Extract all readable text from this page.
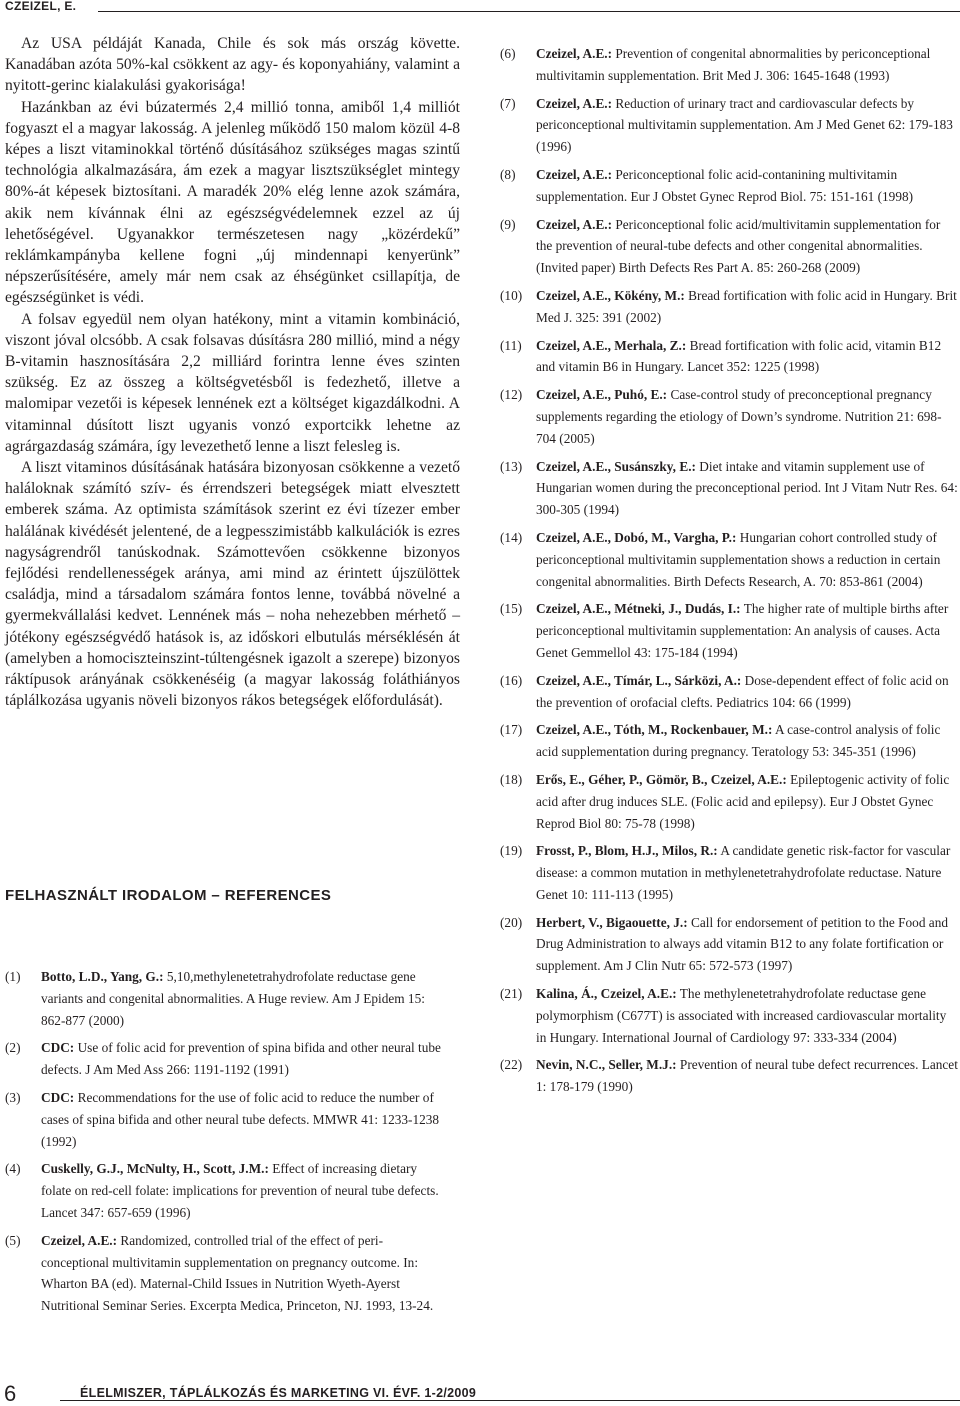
CZEIZEL, E.

Az USA példáját Kanada, Chile és sok más ország követte. Kanadában azóta 50%-kal csökkent az agy- és koponyahiány, valamint a nyitott-gerinc kialakulási gyakorisága!

Hazánkban az évi búzatermés 2,4 millió tonna, amiből 1,4 milliót fogyaszt el a magyar lakosság. A jelenleg működő 150 malom közül 4-8 képes a liszt vitaminokkal történő dúsításához szükséges magas szintű technológia alkalmazására, ám ezek a magyar lisztszükséglet mintegy 80%-át képesek biztosítani. A maradék 20% elég lenne azok számára, akik nem kívánnak élni az egészségvédelemnek ezzel az új lehetőségével. Ugyanakkor természetesen nagy „közérdekű” reklámkampányba kellene fogni „új mindennapi kenyerünk” népszerűsítésére, amely már nem csak az éhségünket csillapítja, de egészségünket is védi.

A folsav egyedül nem olyan hatékony, mint a vitamin kombináció, viszont jóval olcsóbb. A csak folsavas dúsításra 280 millió, mind a négy B-vitamin hasznosítására 2,2 milliárd forintra lenne éves szinten szükség. Ez az összeg a költségvetésből is fedezhető, illetve a malomipar vezetői is képesek lennének ezt a költséget kigazdálkodni. A vitaminnal dúsított liszt ugyanis vonzó exportcikk lehetne az agrárgazdaság számára, így levezethető lenne a liszt felesleg is.

A liszt vitaminos dúsításának hatására bizonyosan csökkenne a vezető haláloknak számító szív- és érrendszeri betegségek miatt elvesztett emberek száma. Az optimista számítások szerint ez évi tízezer ember halálának kivédését jelentené, de a legpesszimistább kalkulációk is ezres nagyságrendről tanúskodnak. Számottevően csökkenne bizonyos fejlődési rendellenességek aránya, ami mind az érintett újszülöttek családja, mind a társadalom számára fontos lenne, továbbá növelné a gyermekvállalási kedvet. Lennének más – noha nehezebben mérhető – jótékony egészségvédő hatások is, az időskori elbutulás mérséklésén át (amelyben a homociszteinszint-túltengésnek igazolt a szerepe) bizonyos ráktípusok arányának csökkenéséig (a magyar lakosság foláthiányos táplálkozása ugyanis növeli bizonyos rákos betegségek előfordulását).

FELHASZNÁLT IRODALOM – REFERENCES
(1) Botto, L.D., Yang, G.: 5,10,methylenetetrahydrofolate reductase gene variants and congenital abnormalities. A Huge review. Am J Epidem 15: 862-877 (2000)
(2) CDC: Use of folic acid for prevention of spina bifida and other neural tube defects. J Am Med Ass 266: 1191-1192 (1991)
(3) CDC: Recommendations for the use of folic acid to reduce the number of cases of spina bifida and other neural tube defects. MMWR 41: 1233-1238 (1992)
(4) Cuskelly, G.J., McNulty, H., Scott, J.M.: Effect of increasing dietary folate on red-cell folate: implications for prevention of neural tube defects. Lancet 347: 657-659 (1996)
(5) Czeizel, A.E.: Randomized, controlled trial of the effect of periconceptional multivitamin supplementation on pregnancy outcome. In: Wharton BA (ed). Maternal-Child Issues in Nutrition Wyeth-Ayerst Nutritional Seminar Series. Excerpta Medica, Princeton, NJ. 1993, 13-24.
(6) Czeizel, A.E.: Prevention of congenital abnormalities by periconceptional multivitamin supplementation. Brit Med J. 306: 1645-1648 (1993)
(7) Czeizel, A.E.: Reduction of urinary tract and cardiovascular defects by periconceptional multivitamin supplementation. Am J Med Genet 62: 179-183 (1996)
(8) Czeizel, A.E.: Periconceptional folic acid-contanining multivitamin supplementation. Eur J Obstet Gynec Reprod Biol. 75: 151-161 (1998)
(9) Czeizel, A.E.: Periconceptional folic acid/multivitamin supplementation for the prevention of neural-tube defects and other congenital abnormalities. (Invited paper) Birth Defects Res Part A. 85: 260-268 (2009)
(10) Czeizel, A.E., Kökény, M.: Bread fortification with folic acid in Hungary. Brit Med J. 325: 391 (2002)
(11) Czeizel, A.E., Merhala, Z.: Bread fortification with folic acid, vitamin B12 and vitamin B6 in Hungary. Lancet 352: 1225 (1998)
(12) Czeizel, A.E., Puhó, E.: Case-control study of preconceptional pregnancy supplements regarding the etiology of Down’s syndrome. Nutrition 21: 698-704 (2005)
(13) Czeizel, A.E., Susánszky, E.: Diet intake and vitamin supplement use of Hungarian women during the preconceptional period. Int J Vitam Nutr Res. 64: 300-305 (1994)
(14) Czeizel, A.E., Dobó, M., Vargha, P.: Hungarian cohort controlled study of periconceptional multivitamin supplementation shows a reduction in certain congenital abnormalities. Birth Defects Research, A. 70: 853-861 (2004)
(15) Czeizel, A.E., Métneki, J., Dudás, I.: The higher rate of multiple births after periconceptional multivitamin supplementation: An analysis of causes. Acta Genet Gemmellol 43: 175-184 (1994)
(16) Czeizel, A.E., Tímár, L., Sárközi, A.: Dose-dependent effect of folic acid on the prevention of orofacial clefts. Pediatrics 104: 66 (1999)
(17) Czeizel, A.E., Tóth, M., Rockenbauer, M.: A case-control analysis of folic acid supplementation during pregnancy. Teratology 53: 345-351 (1996)
(18) Erős, E., Géher, P., Gömör, B., Czeizel, A.E.: Epileptogenic activity of folic acid after drug induces SLE. (Folic acid and epilepsy). Eur J Obstet Gynec Reprod Biol 80: 75-78 (1998)
(19) Frosst, P., Blom, H.J., Milos, R.: A candidate genetic risk-factor for vascular disease: a common mutation in methylenetetrahydrofolate reductase. Nature Genet 10: 111-113 (1995)
(20) Herbert, V., Bigaouette, J.: Call for endorsement of petition to the Food and Drug Administration to always add vitamin B12 to any folate fortification or supplement. Am J Clin Nutr 65: 572-573 (1997)
(21) Kalina, Á., Czeizel, A.E.: The methylenetetrahydrofolate reductase gene polymorphism (C677T) is associated with increased cardiovascular mortality in Hungary. International Journal of Cardiology 97: 333-334 (2004)
(22) Nevin, N.C., Seller, M.J.: Prevention of neural tube defect recurrences. Lancet 1: 178-179 (1990)
6	ÉLELMISZER, TÁPLÁLKOZÁS ÉS MARKETING VI. ÉVF. 1-2/2009
